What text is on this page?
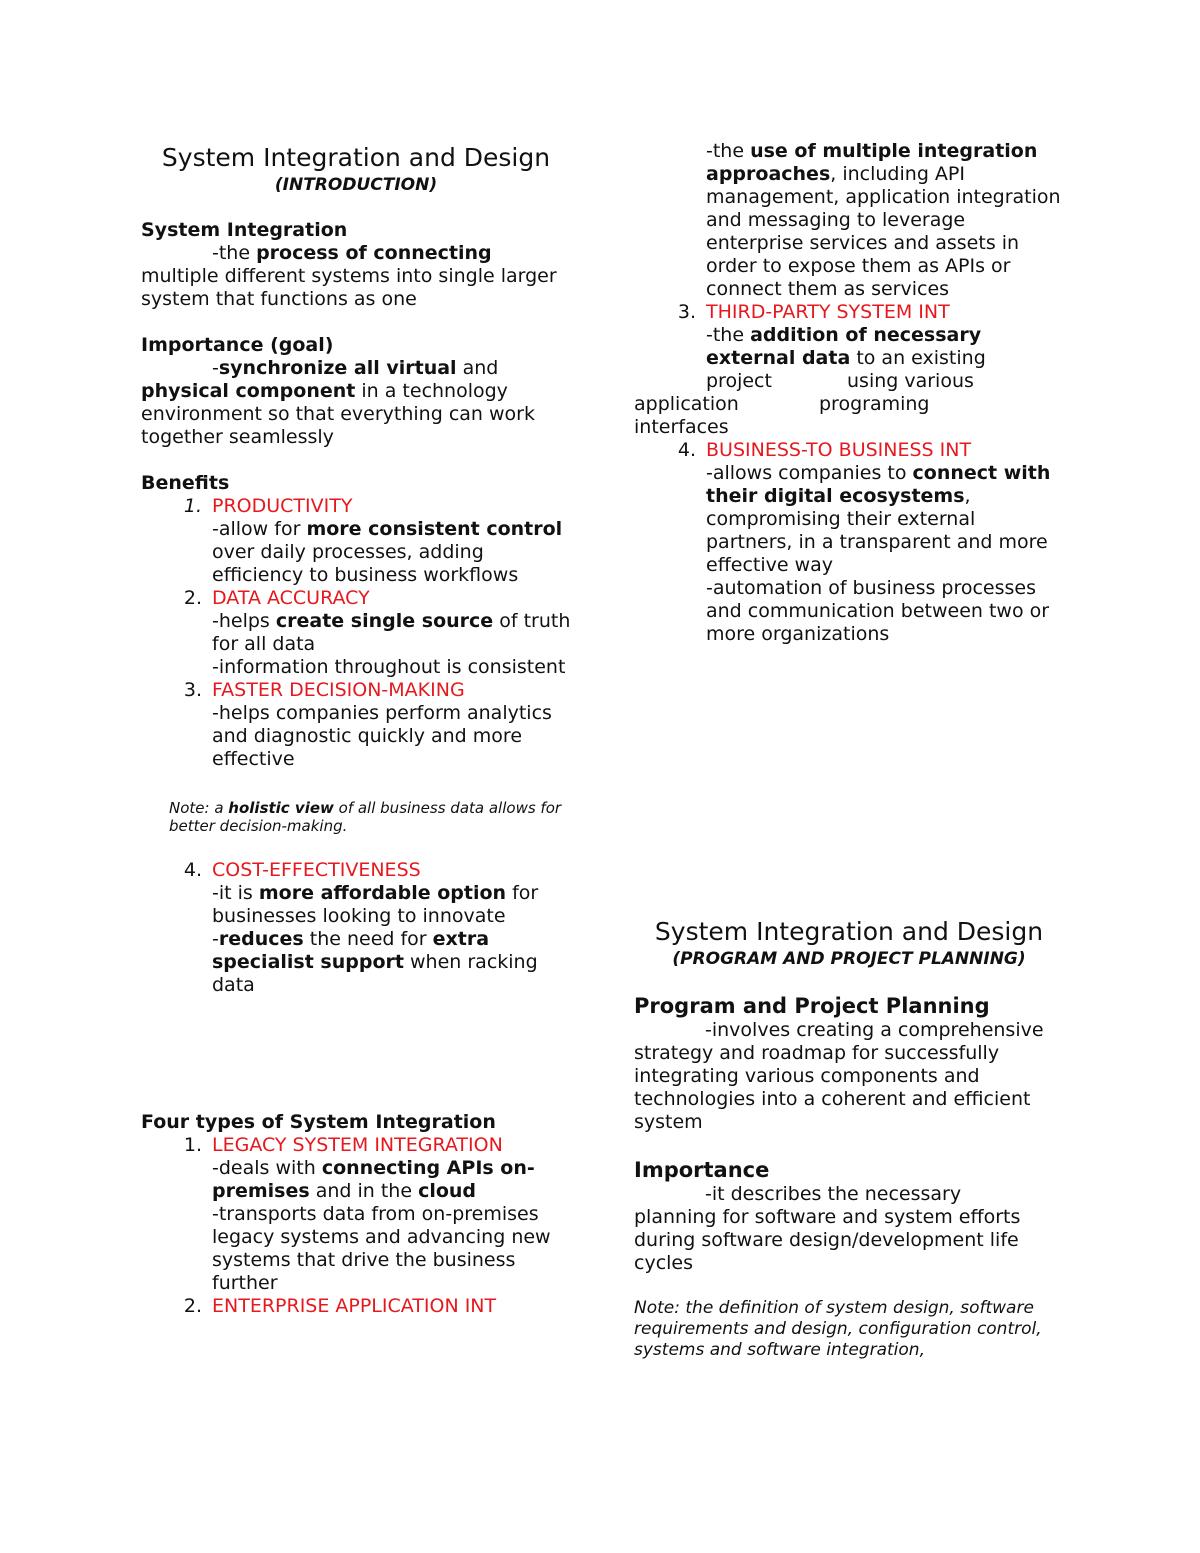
System Integration and Design
(INTRODUCTION)
System Integration

-the process of connecting multiple different systems into single larger system that functions as one

Importance (goal)

-synchronize all virtual and physical component in a technology environment so that everything can work together seamlessly

Benefits
1. PRODUCTIVITY

-allow for more consistent control over daily processes, adding efficiency to business workflows

2. DATA ACCURACY

-helps create single source of truth for all data

-information throughout is consistent

3. FASTER DECISION-MAKING

-helps companies perform analytics and diagnostic quickly and more effective

Note: a holistic view of all business data allows for better decision-making.

4. COST-EFFECTIVENESS

-it is more affordable option for businesses looking to innovate

-reduces the need for extra specialist support when racking data

Four types of System Integration
1. LEGACY SYSTEM INTEGRATION

-deals with connecting APIs on-premises and in the cloud

-transports data from on-premises legacy systems and advancing new systems that drive the business further

2. ENTERPRISE APPLICATION INT

-the use of multiple integration approaches, including API management, application integration and messaging to leverage enterprise services and assets in order to expose them as APIs or connect them as services

3. THIRD-PARTY SYSTEM INT

-the addition of necessary external data to an existing

project	using various
application	programing
interfaces
4. BUSINESS-TO BUSINESS INT

-allows companies to connect with their digital ecosystems, compromising their external partners, in a transparent and more effective way

-automation of business processes and communication between two or more organizations

System Integration and Design
(PROGRAM AND PROJECT PLANNING)
Program and Project Planning

-involves creating a comprehensive

strategy and roadmap for successfully integrating various components and technologies into a coherent and efficient system

Importance

-it describes the necessary

planning for software and system efforts during software design/development life cycles

Note: the definition of system design, software requirements and design, configuration control, systems and software integration,
